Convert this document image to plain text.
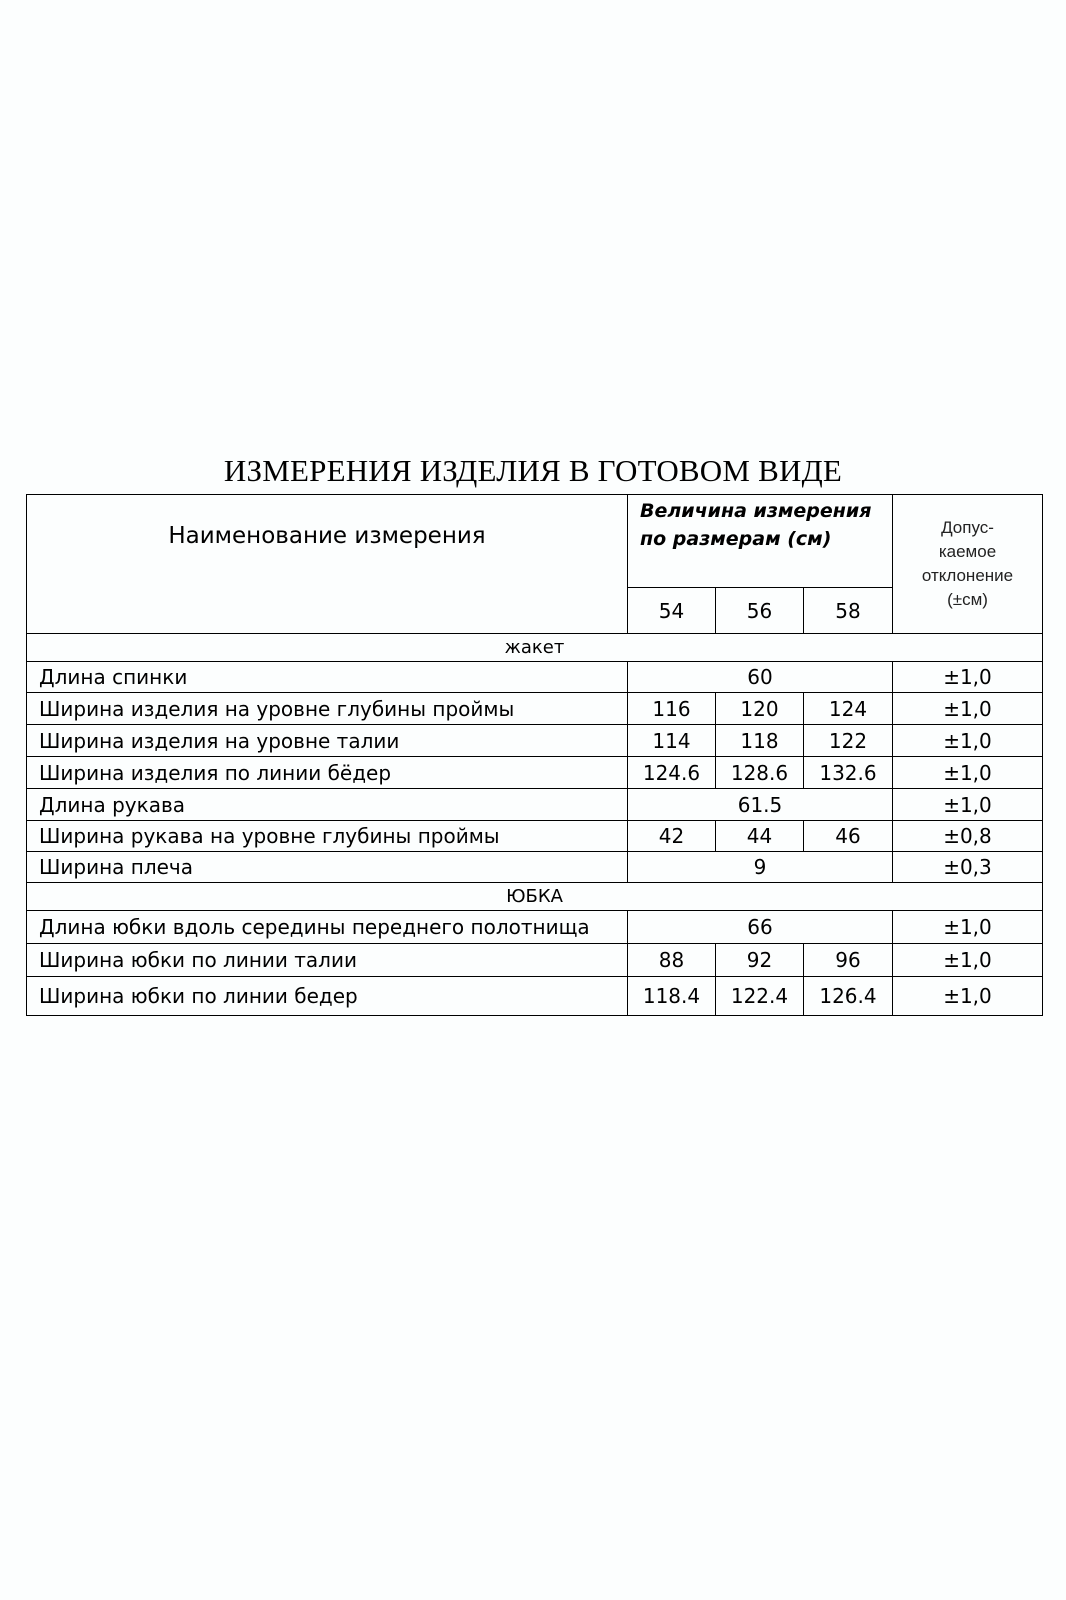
ИЗМЕРЕНИЯ ИЗДЕЛИЯ В ГОТОВОМ ВИДЕ
Наименование измерения	Величина измерения по размерам (см)			Допус-
каемое
отклонение
(±см)

	54	56	58	
жакет				
Длина спинки	60			±1,0
Ширина изделия на уровне глубины проймы	116	120	124	±1,0
Ширина изделия на уровне талии	114	118	122	±1,0
Ширина изделия по линии бёдер	124.6	128.6	132.6	±1,0
Длина рукава	61.5			±1,0
Ширина рукава на уровне глубины проймы	42	44	46	±0,8
Ширина плеча	9			±0,3
ЮБКА				
Длина юбки вдоль середины переднего полотнища	66			±1,0
Ширина юбки по линии талии	88	92	96	±1,0
Ширина юбки по линии бедер	118.4	122.4	126.4	±1,0
